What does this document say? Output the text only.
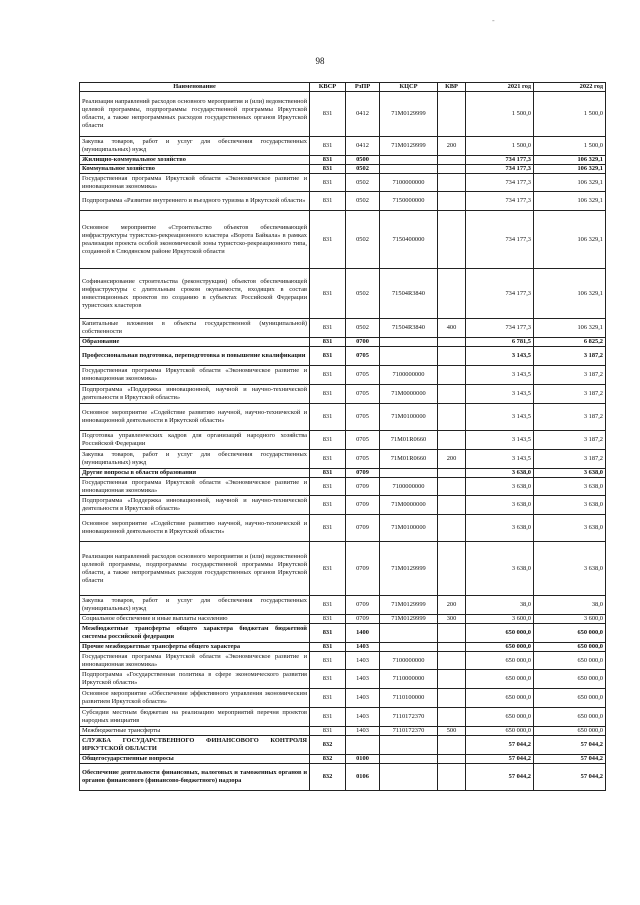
-
98
Наименование	КВСР	РзПР	КЦСР	КВР	2021 год	2022 год
Реализация направлений расходов основного мероприятия и (или) ведомственной целевой программы, подпрограммы государственной программы Иркутской области, а также непрограммных расходов государственных органов Иркутской области	831	0412	71М0129999		1 500,0	1 500,0
Закупка товаров, работ и услуг для обеспечения государственных (муниципальных) нужд	831	0412	71М0129999	200	1 500,0	1 500,0
Жилищно-коммунальное хозяйство	831	0500			734 177,3	106 329,1
Коммунальное хозяйство	831	0502			734 177,3	106 329,1
Государственная программа Иркутской области «Экономическое развитие и инновационная экономика»	831	0502	7100000000		734 177,3	106 329,1
Подпрограмма «Развитие внутреннего и въездного туризма в Иркутской области»	831	0502	7150000000		734 177,3	106 329,1
Основное мероприятие «Строительство объектов обеспечивающей инфраструктуры туристско-рекреационного кластера «Ворота Байкала» в рамках реализации проекта особой экономической зоны туристско-рекреационного типа, созданной в Слюдянском районе Иркутской области	831	0502	7150400000		734 177,3	106 329,1
Софинансирование строительства (реконструкции) объектов обеспечивающей инфраструктуры с длительным сроком окупаемости, входящих в состав инвестиционных проектов по созданию в субъектах Российской Федерации туристских кластеров	831	0502	71504R3840		734 177,3	106 329,1
Капитальные вложения в объекты государственной (муниципальной) собственности	831	0502	71504R3840	400	734 177,3	106 329,1
Образование	831	0700			6 781,5	6 825,2
Профессиональная подготовка, переподготовка и повышение квалификации	831	0705			3 143,5	3 187,2
Государственная программа Иркутской области «Экономическое развитие и инновационная экономика»	831	0705	7100000000		3 143,5	3 187,2
Подпрограмма «Поддержка инновационной, научной и научно-технической деятельности в Иркутской области»	831	0705	71М0000000		3 143,5	3 187,2
Основное мероприятие «Содействие развитию научной, научно-технической и инновационной деятельности в Иркутской области»	831	0705	71М0100000		3 143,5	3 187,2
Подготовка управленческих кадров для организаций народного хозяйства Российской Федерации	831	0705	71М01R0660		3 143,5	3 187,2
Закупка товаров, работ и услуг для обеспечения государственных (муниципальных) нужд	831	0705	71М01R0660	200	3 143,5	3 187,2
Другие вопросы в области образования	831	0709			3 638,0	3 638,0
Государственная программа Иркутской области «Экономическое развитие и инновационная экономика»	831	0709	7100000000		3 638,0	3 638,0
Подпрограмма «Поддержка инновационной, научной и научно-технической деятельности в Иркутской области»	831	0709	71М0000000		3 638,0	3 638,0
Основное мероприятие «Содействие развитию научной, научно-технической и инновационной деятельности в Иркутской области»	831	0709	71М0100000		3 638,0	3 638,0
Реализация направлений расходов основного мероприятия и (или) ведомственной целевой программы, подпрограммы государственной программы Иркутской области, а также непрограммных расходов государственных органов Иркутской области	831	0709	71М0129999		3 638,0	3 638,0
Закупка товаров, работ и услуг для обеспечения государственных (муниципальных) нужд	831	0709	71М0129999	200	38,0	38,0
Социальное обеспечение и иные выплаты населению	831	0709	71М0129999	300	3 600,0	3 600,0
Межбюджетные трансферты общего характера бюджетам бюджетной системы российской федерации	831	1400			650 000,0	650 000,0
Прочие межбюджетные трансферты общего характера	831	1403			650 000,0	650 000,0
Государственная программа Иркутской области «Экономическое развитие и инновационная экономика»	831	1403	7100000000		650 000,0	650 000,0
Подпрограмма «Государственная политика в сфере экономического развития Иркутской области»	831	1403	7110000000		650 000,0	650 000,0
Основное мероприятие «Обеспечение эффективного управления экономическим развитием Иркутской области»	831	1403	7110100000		650 000,0	650 000,0
Субсидии местным бюджетам на реализацию мероприятий перечня проектов народных инициатив	831	1403	7110172370		650 000,0	650 000,0
Межбюджетные трансферты	831	1403	7110172370	500	650 000,0	650 000,0
СЛУЖБА ГОСУДАРСТВЕННОГО ФИНАНСОВОГО КОНТРОЛЯ ИРКУТСКОЙ ОБЛАСТИ	832				57 044,2	57 044,2
Общегосударственные вопросы	832	0100			57 044,2	57 044,2
Обеспечение деятельности финансовых, налоговых и таможенных органов и органов финансового (финансово-бюджетного) надзора	832	0106			57 044,2	57 044,2
